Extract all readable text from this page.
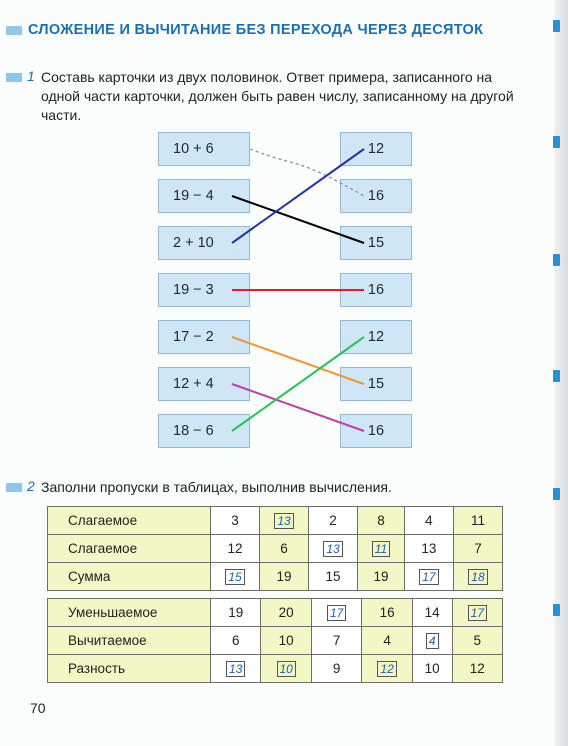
СЛОЖЕНИЕ И ВЫЧИТАНИЕ БЕЗ ПЕРЕХОДА ЧЕРЕЗ ДЕСЯТОК
1 Составь карточки из двух половинок. Ответ примера, записанного на одной части карточки, должен быть равен числу, записанному на другой части.
10 + 6
19 − 4
2 + 10
19 − 3
17 − 2
12 + 4
18 − 6
12
16
15
16
12
15
16
2 Заполни пропуски в таблицах, выполнив вычисления.
Слагаемое	3	13	2	8	4	11
Слагаемое	12	6	13	11	13	7
Сумма	15	19	15	19	17	18
Уменьшаемое	19	20	17	16	14	17
Вычитаемое	6	10	7	4	4	5
Разность	13	10	9	12	10	12
70
